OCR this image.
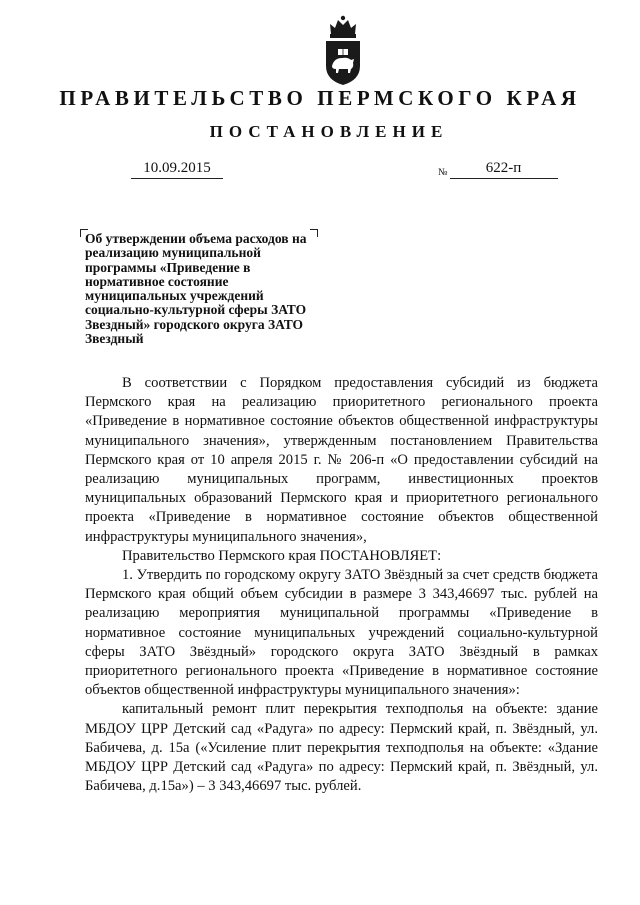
ПРАВИТЕЛЬСТВО ПЕРМСКОГО КРАЯ
ПОСТАНОВЛЕНИЕ
10.09.2015	$_№$	622-п
Об утверждении объема расходов на реализацию муниципальной программы «Приведение в нормативное состояние муниципальных учреждений социально-культурной сферы ЗАТО Звездный» городского округа ЗАТО Звездный

В соответствии с Порядком предоставления субсидий из бюджета Пермского края на реализацию приоритетного регионального проекта «Приведение в нормативное состояние объектов общественной инфраструктуры муниципального значения», утвержденным постановлением Правительства Пермского края от 10 апреля 2015 г. № 206-п «О предоставлении субсидий на реализацию муниципальных программ, инвестиционных проектов муниципальных образований Пермского края и приоритетного регионального проекта «Приведение в нормативное состояние объектов общественной инфраструктуры муниципального значения»,

Правительство Пермского края ПОСТАНОВЛЯЕТ:

1. Утвердить по городскому округу ЗАТО Звёздный за счет средств бюджета Пермского края общий объем субсидии в размере 3 343,46697 тыс. рублей на реализацию мероприятия муниципальной программы «Приведение в нормативное состояние муниципальных учреждений социально-культурной сферы ЗАТО Звёздный» городского округа ЗАТО Звёздный в рамках приоритетного регионального проекта «Приведение в нормативное состояние объектов общественной инфраструктуры муниципального значения»:

капитальный ремонт плит перекрытия техподполья на объекте: здание МБДОУ ЦРР Детский сад «Радуга» по адресу: Пермский край, п. Звёздный, ул. Бабичева, д. 15а («Усиление плит перекрытия техподполья на объекте: «Здание МБДОУ ЦРР Детский сад «Радуга» по адресу: Пермский край, п. Звёздный, ул. Бабичева, д.15а») – 3 343,46697 тыс. рублей.
